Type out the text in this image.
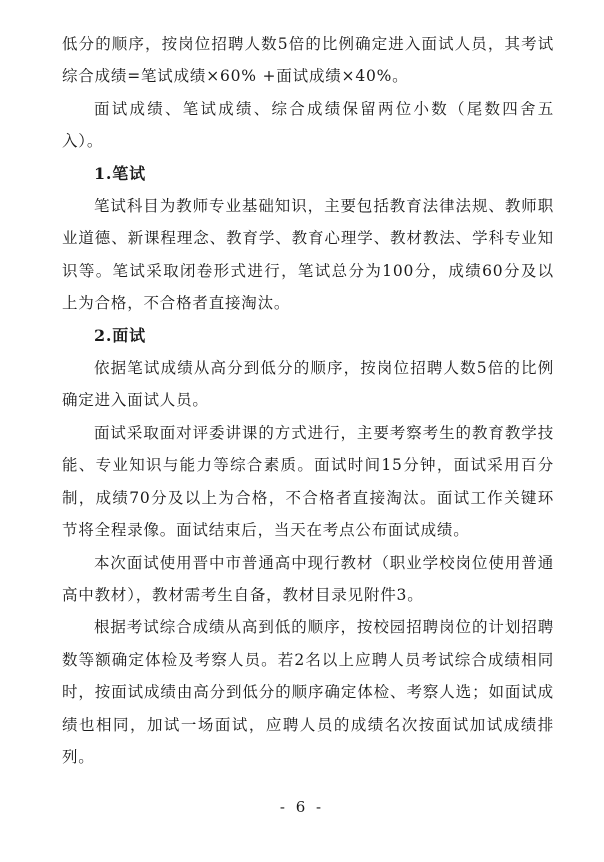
低分的顺序，按岗位招聘人数5倍的比例确定进入面试人员，其考试综合成绩=笔试成绩×60% +面试成绩×40%。

面试成绩、笔试成绩、综合成绩保留两位小数（尾数四舍五入）。

1.笔试

笔试科目为教师专业基础知识，主要包括教育法律法规、教师职业道德、新课程理念、教育学、教育心理学、教材教法、学科专业知识等。笔试采取闭卷形式进行，笔试总分为100分，成绩60分及以上为合格，不合格者直接淘汰。

2.面试

依据笔试成绩从高分到低分的顺序，按岗位招聘人数5倍的比例确定进入面试人员。

面试采取面对评委讲课的方式进行，主要考察考生的教育教学技能、专业知识与能力等综合素质。面试时间15分钟，面试采用百分制，成绩70分及以上为合格，不合格者直接淘汰。面试工作关键环节将全程录像。面试结束后，当天在考点公布面试成绩。

本次面试使用晋中市普通高中现行教材（职业学校岗位使用普通高中教材），教材需考生自备，教材目录见附件3。

根据考试综合成绩从高到低的顺序，按校园招聘岗位的计划招聘数等额确定体检及考察人员。若2名以上应聘人员考试综合成绩相同时，按面试成绩由高分到低分的顺序确定体检、考察人选；如面试成绩也相同，加试一场面试，应聘人员的成绩名次按面试加试成绩排列。

- 6 -
